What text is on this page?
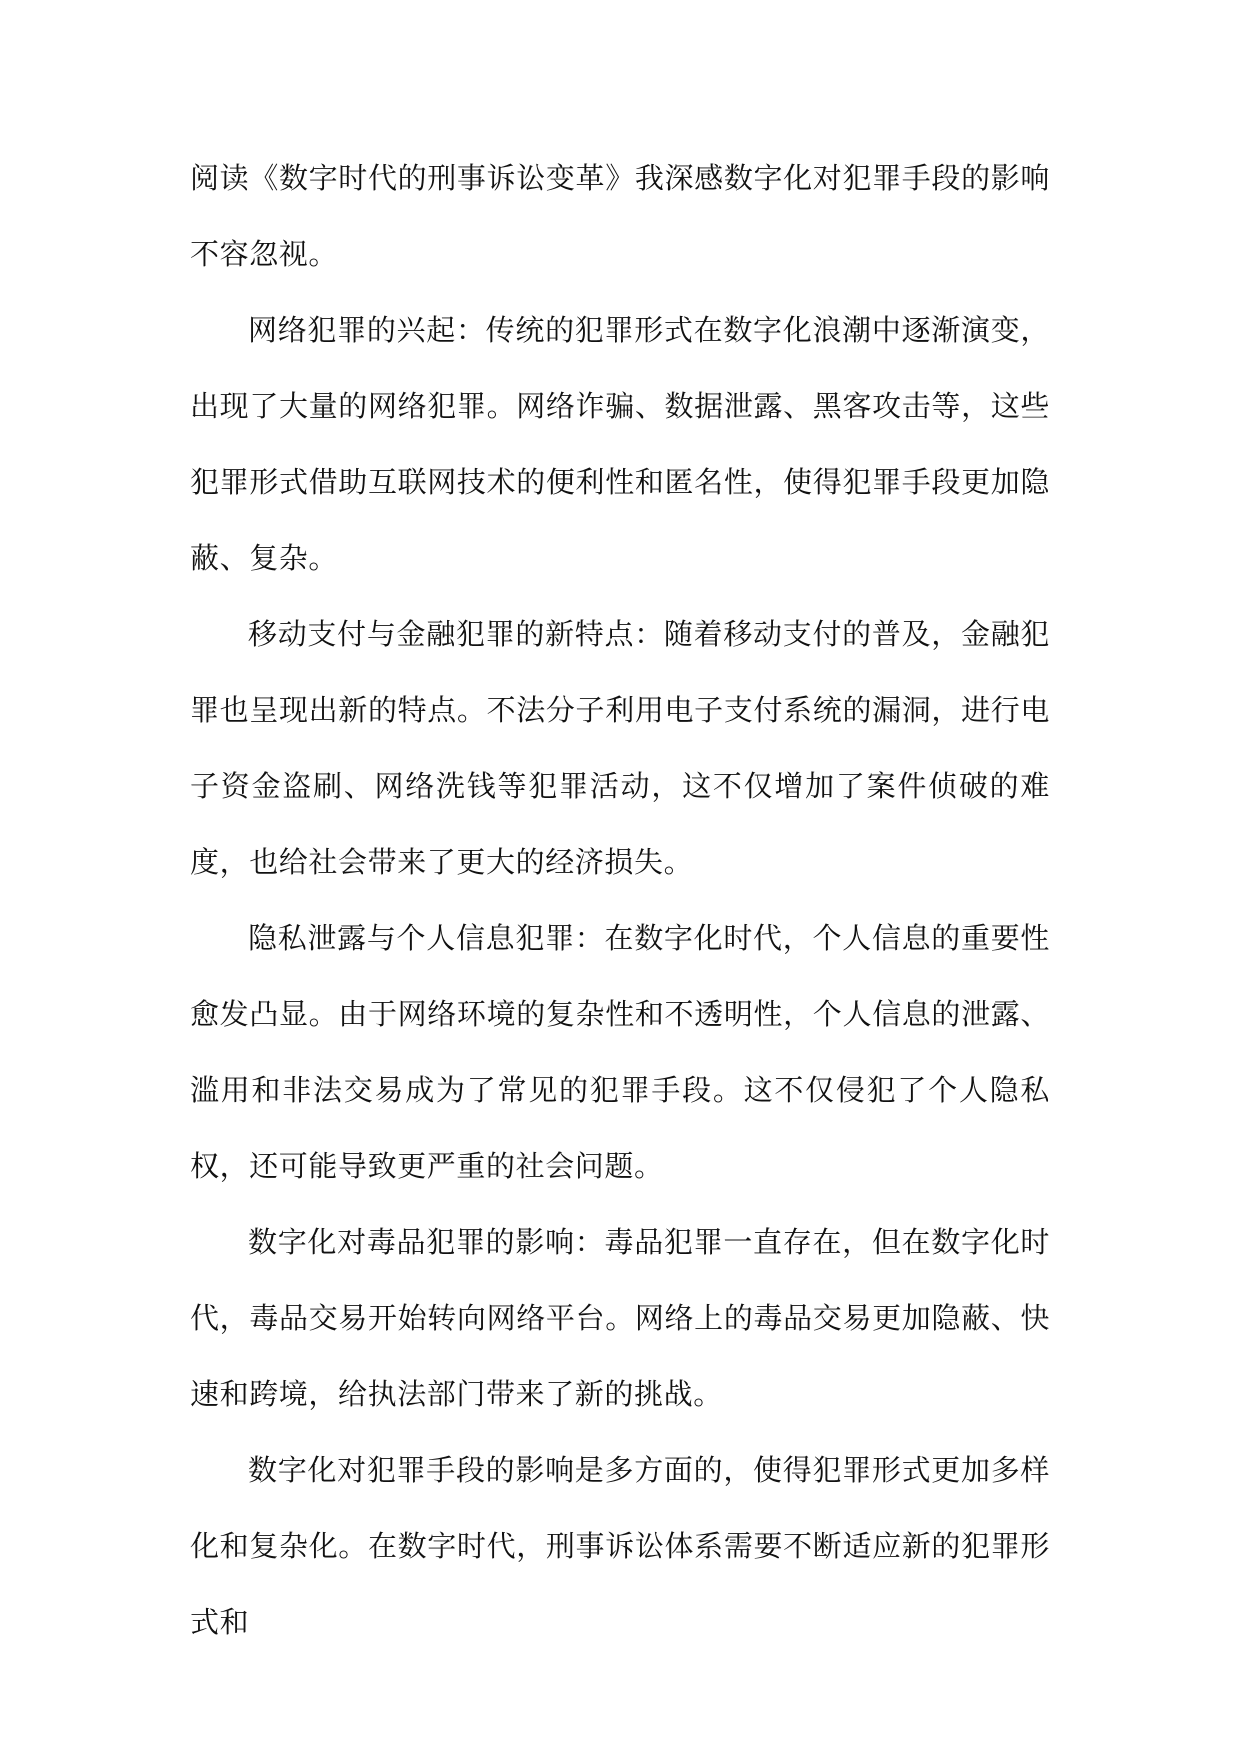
阅读《数字时代的刑事诉讼变革》我深感数字化对犯罪手段的影响不容忽视。

网络犯罪的兴起：传统的犯罪形式在数字化浪潮中逐渐演变，出现了大量的网络犯罪。网络诈骗、数据泄露、黑客攻击等，这些犯罪形式借助互联网技术的便利性和匿名性，使得犯罪手段更加隐蔽、复杂。

移动支付与金融犯罪的新特点：随着移动支付的普及，金融犯罪也呈现出新的特点。不法分子利用电子支付系统的漏洞，进行电子资金盗刷、网络洗钱等犯罪活动，这不仅增加了案件侦破的难度，也给社会带来了更大的经济损失。

隐私泄露与个人信息犯罪：在数字化时代，个人信息的重要性愈发凸显。由于网络环境的复杂性和不透明性，个人信息的泄露、滥用和非法交易成为了常见的犯罪手段。这不仅侵犯了个人隐私权，还可能导致更严重的社会问题。

数字化对毒品犯罪的影响：毒品犯罪一直存在，但在数字化时代，毒品交易开始转向网络平台。网络上的毒品交易更加隐蔽、快速和跨境，给执法部门带来了新的挑战。

数字化对犯罪手段的影响是多方面的，使得犯罪形式更加多样化和复杂化。在数字时代，刑事诉讼体系需要不断适应新的犯罪形式和
